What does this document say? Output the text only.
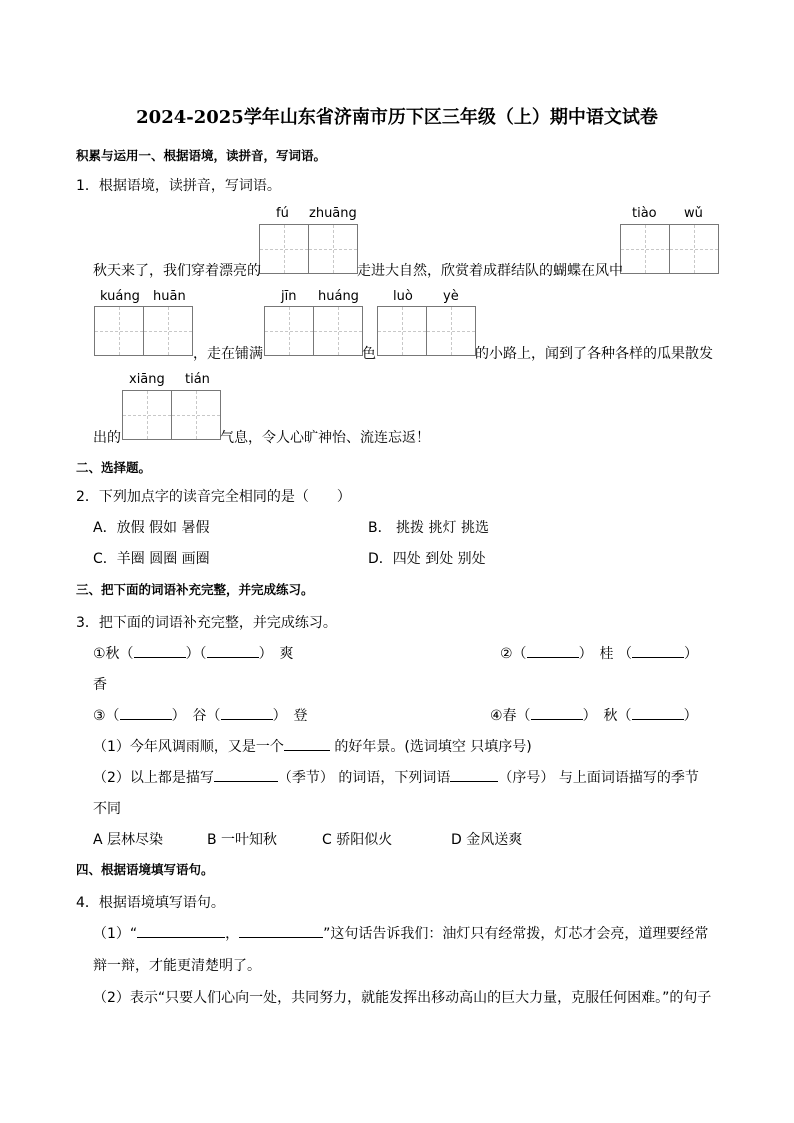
2024-2025学年山东省济南市历下区三年级（上）期中语文试卷
积累与运用一、根据语境，读拼音，写词语。
1．根据语境，读拼音，写词语。
fú zhuāng	tiào wǔ
秋天来了，我们穿着漂亮的	走进大自然，欣赏着成群结队的蝴蝶在风中
kuáng huān	jīn huáng	luò yè
，走在铺满	色	的小路上，闻到了各种各样的瓜果散发
xiāng tián
出的	气息，令人心旷神怡、流连忘返！
二、选择题。
2．下列加点字的读音完全相同的是（　　）
A．放假 假如 暑假	B． 挑拨 挑灯 挑选
C．羊圈 圆圈 画圈	D．四处 到处 别处
三、把下面的词语补充完整，并完成练习。
3．把下面的词语补充完整，并完成练习。
①秋（	）（	）　爽	②（	）　桂 （	）
香
③（	）　谷（	）　登	④春（	）　秋（	）
（1）今年风调雨顺，又是一个	的好年景。(选词填空 只填序号)
（2）以上都是描写	（季节） 的词语，下列词语	（序号） 与上面词语描写的季节
不同
A 层林尽染	B 一叶知秋	C 骄阳似火	D 金风送爽
四、根据语境填写语句。
4．根据语境填写语句。
（1）“	，	”这句话告诉我们：油灯只有经常拨，灯芯才会亮，道理要经常
辩一辩，才能更清楚明了。
（2）表示“只要人们心向一处，共同努力，就能发挥出移动高山的巨大力量，克服任何困难。”的句子
